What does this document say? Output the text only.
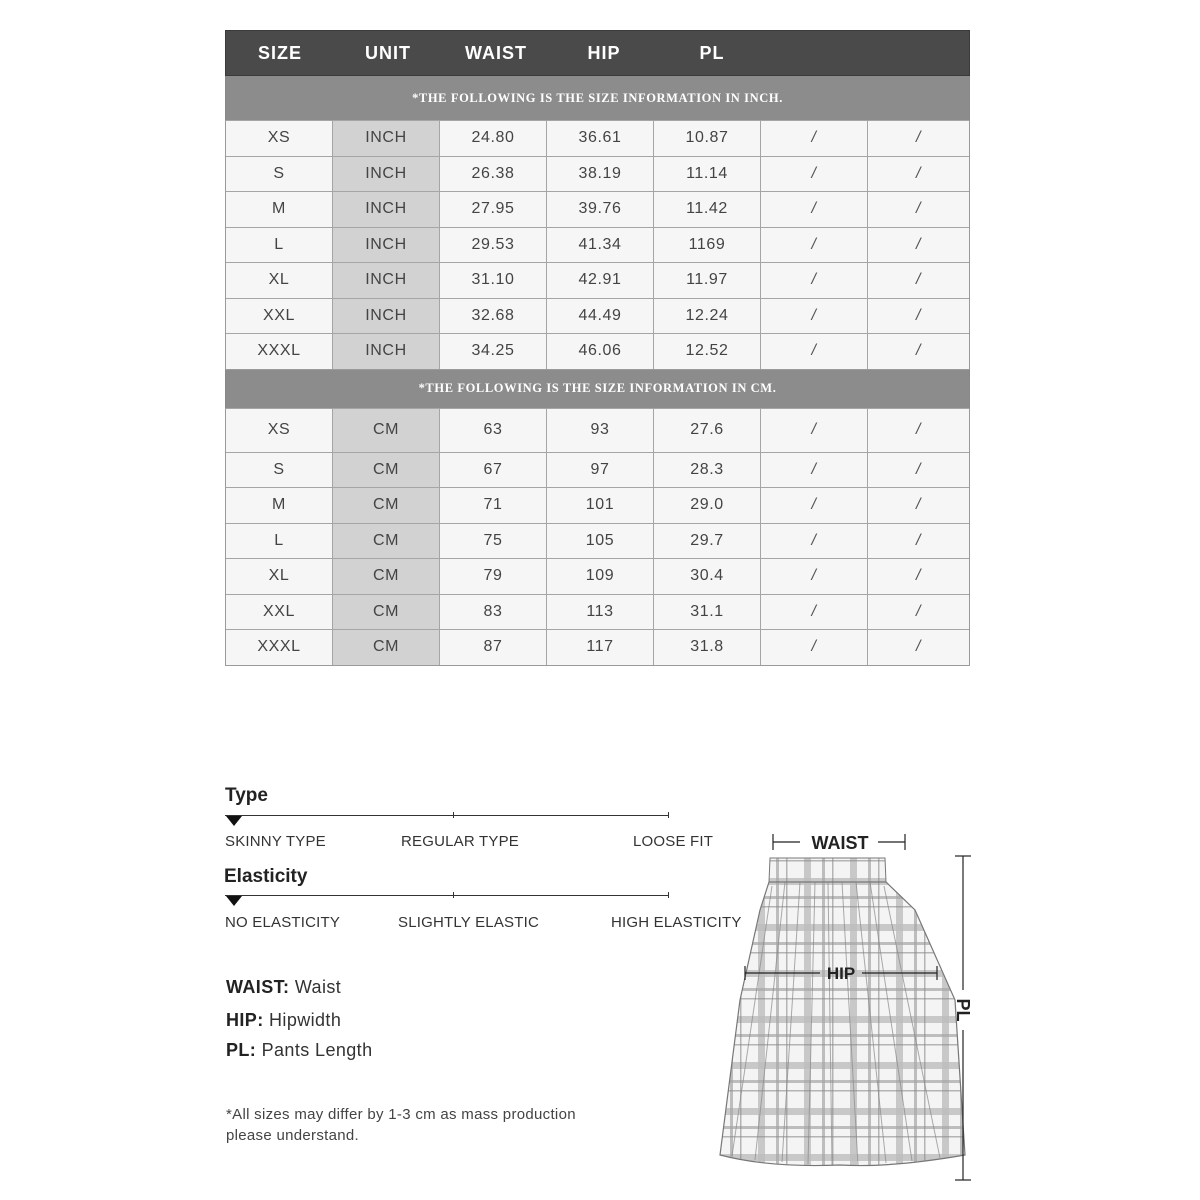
SIZE	UNIT	WAIST	HIP	PL
*THE FOLLOWING IS THE SIZE INFORMATION IN INCH.
XS	INCH	24.80	36.61	10.87	/	/
S	INCH	26.38	38.19	11.14	/	/
M	INCH	27.95	39.76	11.42	/	/
L	INCH	29.53	41.34	1169	/	/
XL	INCH	31.10	42.91	11.97	/	/
XXL	INCH	32.68	44.49	12.24	/	/
XXXL	INCH	34.25	46.06	12.52	/	/
*THE FOLLOWING IS THE SIZE INFORMATION IN CM.
XS	CM	63	93	27.6	/	/
S	CM	67	97	28.3	/	/
M	CM	71	101	29.0	/	/
L	CM	75	105	29.7	/	/
XL	CM	79	109	30.4	/	/
XXL	CM	83	113	31.1	/	/
XXXL	CM	87	117	31.8	/	/
Type
SKINNY TYPE	REGULAR TYPE	LOOSE FIT
Elasticity
NO ELASTICITY	SLIGHTLY ELASTIC	HIGH ELASTICITY
WAIST: Waist
HIP: Hipwidth
PL: Pants Length
*All sizes may differ by 1-3 cm as mass production
please understand.
WAIST
HIP
PL
